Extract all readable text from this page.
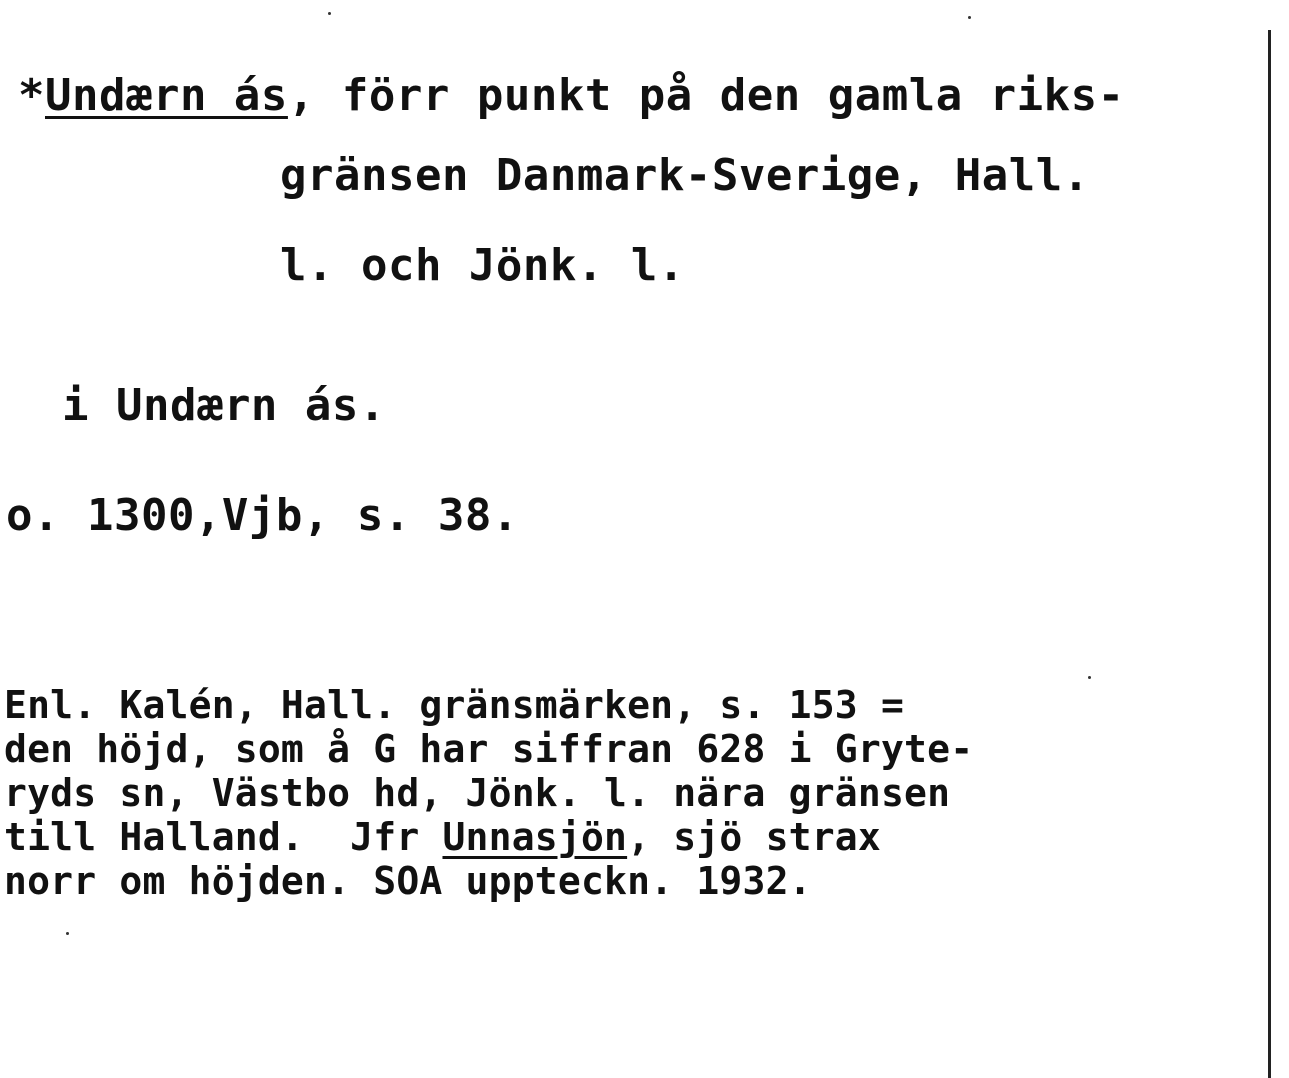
*Undærn ás, förr punkt på den gamla riks-
gränsen Danmark-Sverige, Hall.
l. och Jönk. l.
i Undærn ás.
o. 1300,Vjb, s. 38.
Enl. Kalén, Hall. gränsmärken, s. 153 =
den höjd, som å G har siffran 628 i Gryte-
ryds sn, Västbo hd, Jönk. l. nära gränsen
till Halland.  Jfr Unnasjön, sjö strax
norr om höjden. SOA uppteckn. 1932.
